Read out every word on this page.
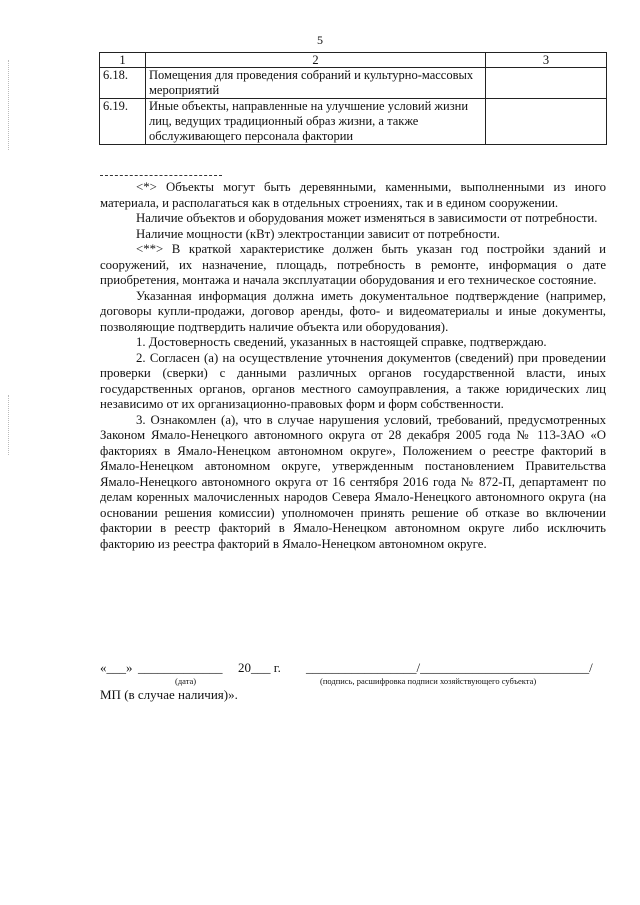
5
1	2	3
6.18.	Помещения для проведения собраний и культурно-массовых мероприятий	
6.19.	Иные объекты, направленные на улучшение условий жизни лиц, ведущих традиционный образ жизни, а также обслуживающего персонала фактории	

<*> Объекты могут быть деревянными, каменными, выполненными из иного материала, и располагаться как в отдельных строениях, так и в едином сооружении.

Наличие объектов и оборудования может изменяться в зависимости от потребности.

Наличие мощности (кВт) электростанции зависит от потребности.

<**> В краткой характеристике должен быть указан год постройки зданий и сооружений, их назначение, площадь, потребность в ремонте, информация о дате приобретения, монтажа и начала эксплуатации оборудования и его техническое состояние.

Указанная информация должна иметь документальное подтверждение (например, договоры купли-продажи, договор аренды, фото- и видеоматериалы и иные документы, позволяющие подтвердить наличие объекта или оборудования).

1. Достоверность сведений, указанных в настоящей справке, подтверждаю.

2. Согласен (а) на осуществление уточнения документов (сведений) при проведении проверки (сверки) с данными различных органов государственной власти, иных государственных органов, органов местного самоуправления, а также юридических лиц независимо от их организационно-правовых форм и форм собственности.

3. Ознакомлен (а), что в случае нарушения условий, требований, предусмотренных Законом Ямало-Ненецкого автономного округа от 28 декабря 2005 года № 113-ЗАО «О факториях в Ямало-Ненецком автономном округе», Положением о реестре факторий в Ямало-Ненецком автономном округе, утвержденным постановлением Правительства Ямало-Ненецкого автономного округа от 16 сентября 2016 года № 872-П, департамент по делам коренных малочисленных народов Севера Ямало-Ненецкого автономного округа (на основании решения комиссии) уполномочен принять решение об отказе во включении фактории в реестр факторий в Ямало-Ненецком автономном округе либо исключить факторию из реестра факторий в Ямало-Ненецком автономном округе.

«___» _____________ 20___ г. _________________/__________________________/
(дата)	(подпись, расшифровка подписи хозяйствующего субъекта)
МП (в случае наличия)».
